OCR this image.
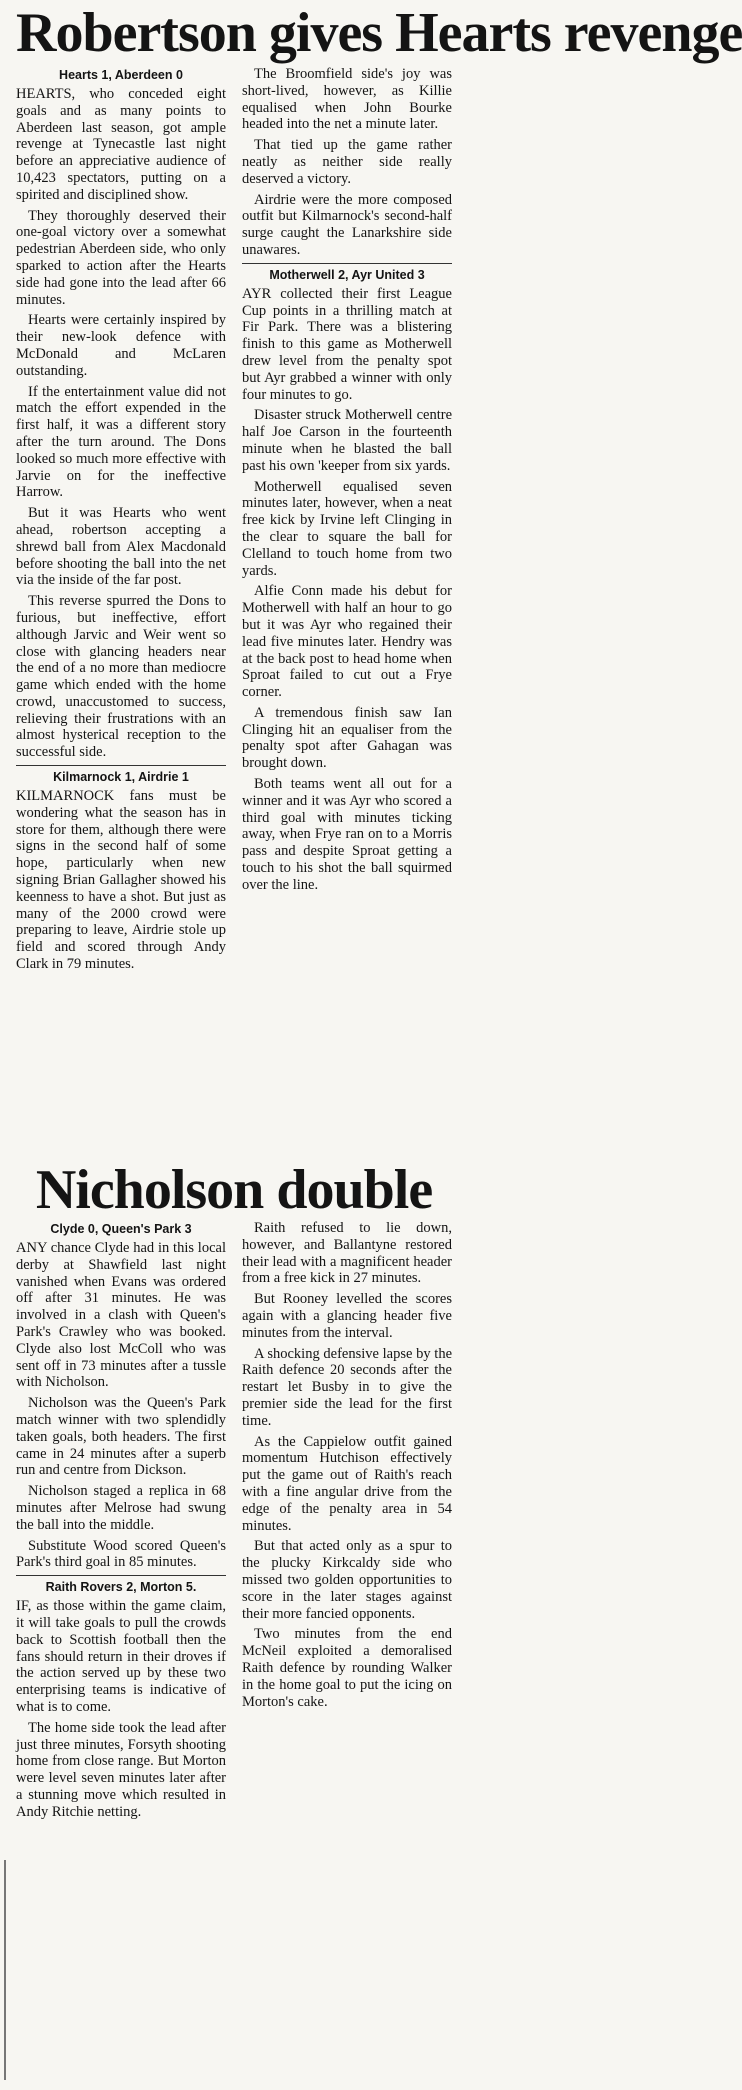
Robertson gives Hearts revenge
Hearts 1, Aberdeen 0

HEARTS, who conceded eight goals and as many points to Aberdeen last season, got ample revenge at Tynecastle last night before an appreciative audience of 10,423 spectators, putting on a spirited and disciplined show.

They thoroughly deserved their one-goal victory over a somewhat pedestrian Aberdeen side, who only sparked to action after the Hearts side had gone into the lead after 66 minutes.

Hearts were certainly inspired by their new-look defence with McDonald and McLaren outstanding.

If the entertainment value did not match the effort expended in the first half, it was a different story after the turn around. The Dons looked so much more effective with Jarvie on for the ineffective Harrow.

But it was Hearts who went ahead, robertson accepting a shrewd ball from Alex Macdonald before shooting the ball into the net via the inside of the far post.

This reverse spurred the Dons to furious, but ineffective, effort although Jarvic and Weir went so close with glancing headers near the end of a no more than mediocre game which ended with the home crowd, unaccustomed to success, relieving their frustrations with an almost hysterical reception to the successful side.

Kilmarnock 1, Airdrie 1

KILMARNOCK fans must be wondering what the season has in store for them, although there were signs in the second half of some hope, particularly when new signing Brian Gallagher showed his keenness to have a shot. But just as many of the 2000 crowd were preparing to leave, Airdrie stole up field and scored through Andy Clark in 79 minutes.

The Broomfield side's joy was short-lived, however, as Killie equalised when John Bourke headed into the net a minute later.

That tied up the game rather neatly as neither side really deserved a victory.

Airdrie were the more composed outfit but Kilmarnock's second-half surge caught the Lanarkshire side unawares.

Motherwell 2, Ayr United 3

AYR collected their first League Cup points in a thrilling match at Fir Park. There was a blistering finish to this game as Motherwell drew level from the penalty spot but Ayr grabbed a winner with only four minutes to go.

Disaster struck Motherwell centre half Joe Carson in the fourteenth minute when he blasted the ball past his own 'keeper from six yards.

Motherwell equalised seven minutes later, however, when a neat free kick by Irvine left Clinging in the clear to square the ball for Clelland to touch home from two yards.

Alfie Conn made his debut for Motherwell with half an hour to go but it was Ayr who regained their lead five minutes later. Hendry was at the back post to head home when Sproat failed to cut out a Frye corner.

A tremendous finish saw Ian Clinging hit an equaliser from the penalty spot after Gahagan was brought down.

Both teams went all out for a winner and it was Ayr who scored a third goal with minutes ticking away, when Frye ran on to a Morris pass and despite Sproat getting a touch to his shot the ball squirmed over the line.

Nicholson double
Clyde 0, Queen's Park 3

ANY chance Clyde had in this local derby at Shawfield last night vanished when Evans was ordered off after 31 minutes. He was involved in a clash with Queen's Park's Crawley who was booked. Clyde also lost McColl who was sent off in 73 minutes after a tussle with Nicholson.

Nicholson was the Queen's Park match winner with two splendidly taken goals, both headers. The first came in 24 minutes after a superb run and centre from Dickson.

Nicholson staged a replica in 68 minutes after Melrose had swung the ball into the middle.

Substitute Wood scored Queen's Park's third goal in 85 minutes.

Raith Rovers 2, Morton 5.

IF, as those within the game claim, it will take goals to pull the crowds back to Scottish football then the fans should return in their droves if the action served up by these two enterprising teams is indicative of what is to come.

The home side took the lead after just three minutes, Forsyth shooting home from close range. But Morton were level seven minutes later after a stunning move which resulted in Andy Ritchie netting.

Raith refused to lie down, however, and Ballantyne restored their lead with a magnificent header from a free kick in 27 minutes.

But Rooney levelled the scores again with a glancing header five minutes from the interval.

A shocking defensive lapse by the Raith defence 20 seconds after the restart let Busby in to give the premier side the lead for the first time.

As the Cappielow outfit gained momentum Hutchison effectively put the game out of Raith's reach with a fine angular drive from the edge of the penalty area in 54 minutes.

But that acted only as a spur to the plucky Kirkcaldy side who missed two golden opportunities to score in the later stages against their more fancied opponents.

Two minutes from the end McNeil exploited a demoralised Raith defence by rounding Walker in the home goal to put the icing on Morton's cake.
